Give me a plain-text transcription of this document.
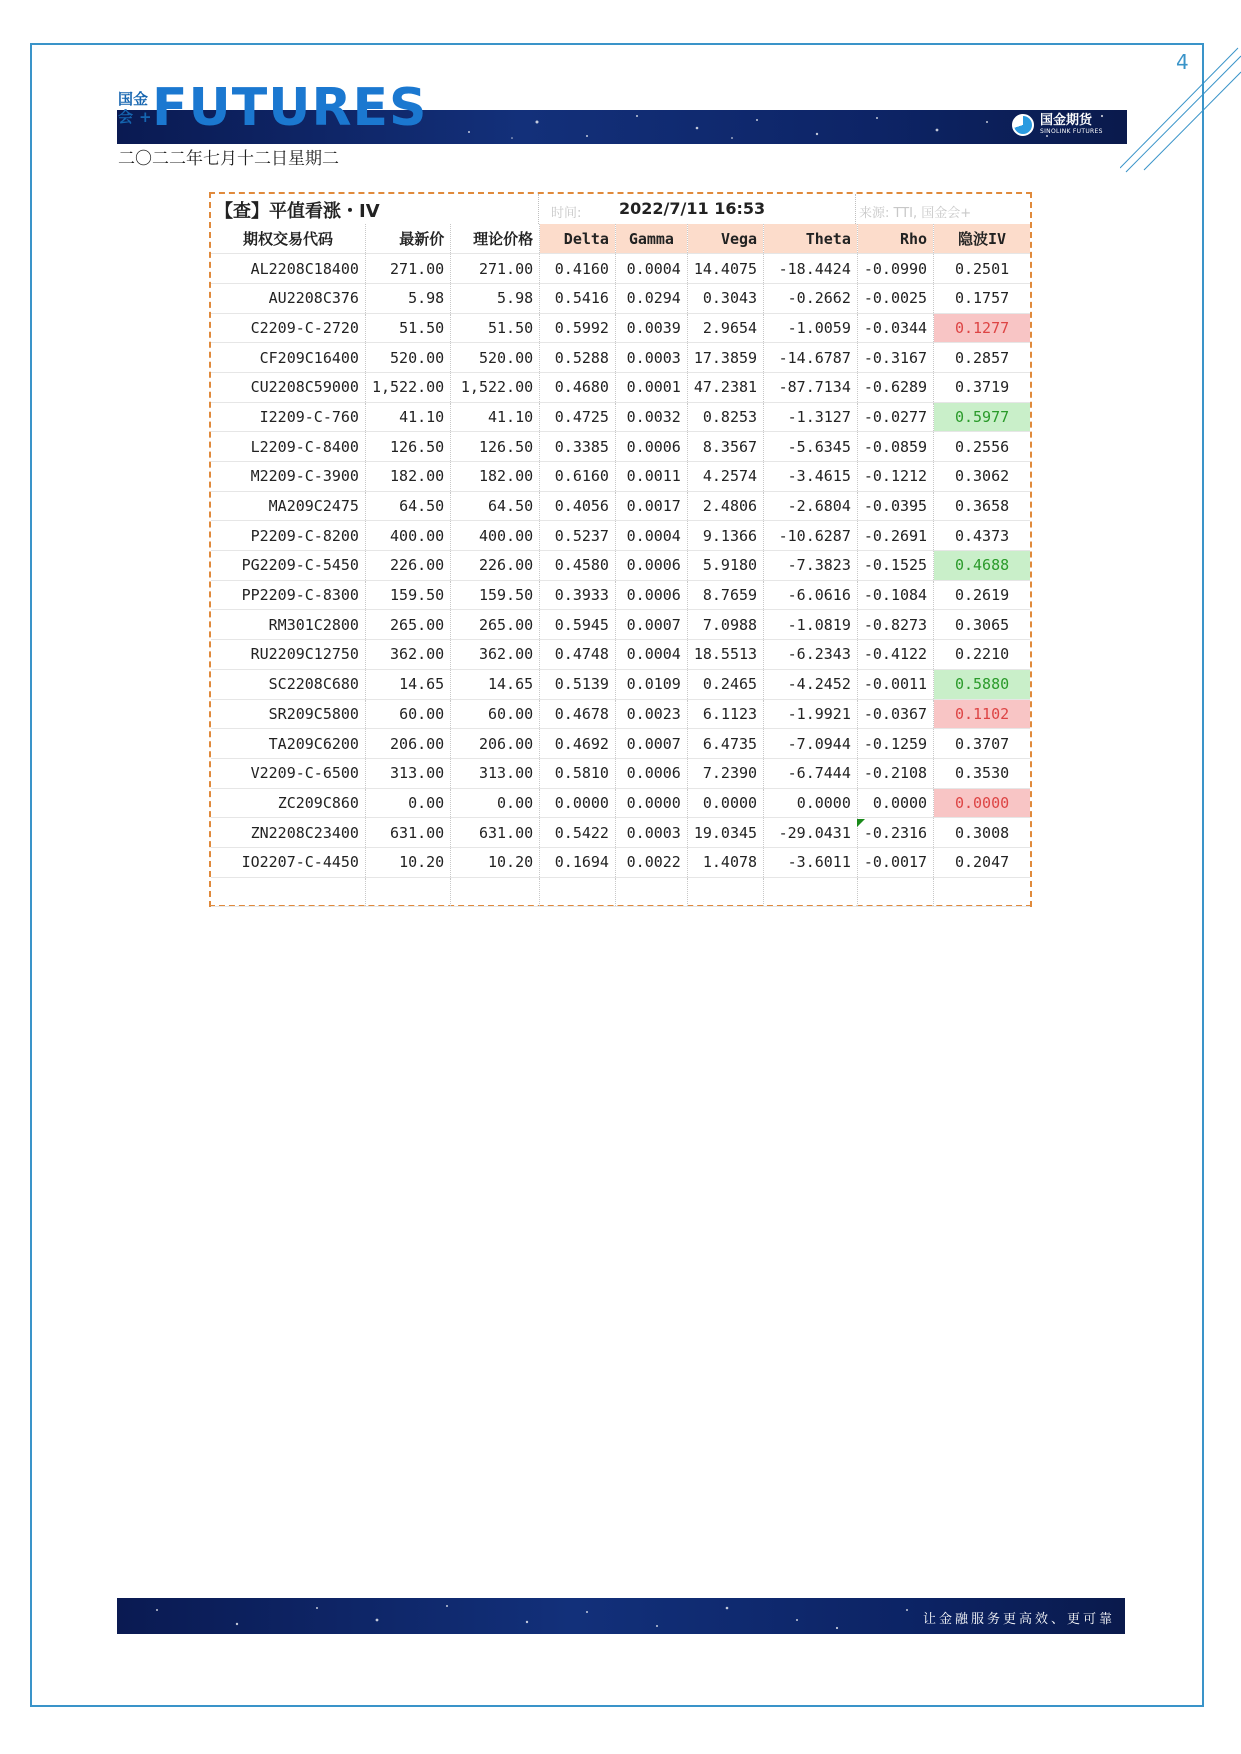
4
国金
会 + FUTURES	国金期货
SINOLINK FUTURES
二〇二二年七月十二日星期二
【查】平值看涨・IV	时间: 2022/7/11 16:53	来源: TTI, 国金会+
期权交易代码	最新价	理论价格	Delta	Gamma	Vega	Theta	Rho	隐波IV
AL2208C18400	271.00	271.00	0.4160	0.0004	14.4075	-18.4424	-0.0990	0.2501
AU2208C376	5.98	5.98	0.5416	0.0294	0.3043	-0.2662	-0.0025	0.1757
C2209-C-2720	51.50	51.50	0.5992	0.0039	2.9654	-1.0059	-0.0344	0.1277
CF209C16400	520.00	520.00	0.5288	0.0003	17.3859	-14.6787	-0.3167	0.2857
CU2208C59000	1,522.00	1,522.00	0.4680	0.0001	47.2381	-87.7134	-0.6289	0.3719
I2209-C-760	41.10	41.10	0.4725	0.0032	0.8253	-1.3127	-0.0277	0.5977
L2209-C-8400	126.50	126.50	0.3385	0.0006	8.3567	-5.6345	-0.0859	0.2556
M2209-C-3900	182.00	182.00	0.6160	0.0011	4.2574	-3.4615	-0.1212	0.3062
MA209C2475	64.50	64.50	0.4056	0.0017	2.4806	-2.6804	-0.0395	0.3658
P2209-C-8200	400.00	400.00	0.5237	0.0004	9.1366	-10.6287	-0.2691	0.4373
PG2209-C-5450	226.00	226.00	0.4580	0.0006	5.9180	-7.3823	-0.1525	0.4688
PP2209-C-8300	159.50	159.50	0.3933	0.0006	8.7659	-6.0616	-0.1084	0.2619
RM301C2800	265.00	265.00	0.5945	0.0007	7.0988	-1.0819	-0.8273	0.3065
RU2209C12750	362.00	362.00	0.4748	0.0004	18.5513	-6.2343	-0.4122	0.2210
SC2208C680	14.65	14.65	0.5139	0.0109	0.2465	-4.2452	-0.0011	0.5880
SR209C5800	60.00	60.00	0.4678	0.0023	6.1123	-1.9921	-0.0367	0.1102
TA209C6200	206.00	206.00	0.4692	0.0007	6.4735	-7.0944	-0.1259	0.3707
V2209-C-6500	313.00	313.00	0.5810	0.0006	7.2390	-6.7444	-0.2108	0.3530
ZC209C860	0.00	0.00	0.0000	0.0000	0.0000	0.0000	0.0000	0.0000
ZN2208C23400	631.00	631.00	0.5422	0.0003	19.0345	-29.0431	-0.2316	0.3008
IO2207-C-4450	10.20	10.20	0.1694	0.0022	1.4078	-3.6011	-0.0017	0.2047

让金融服务更高效、更可靠
